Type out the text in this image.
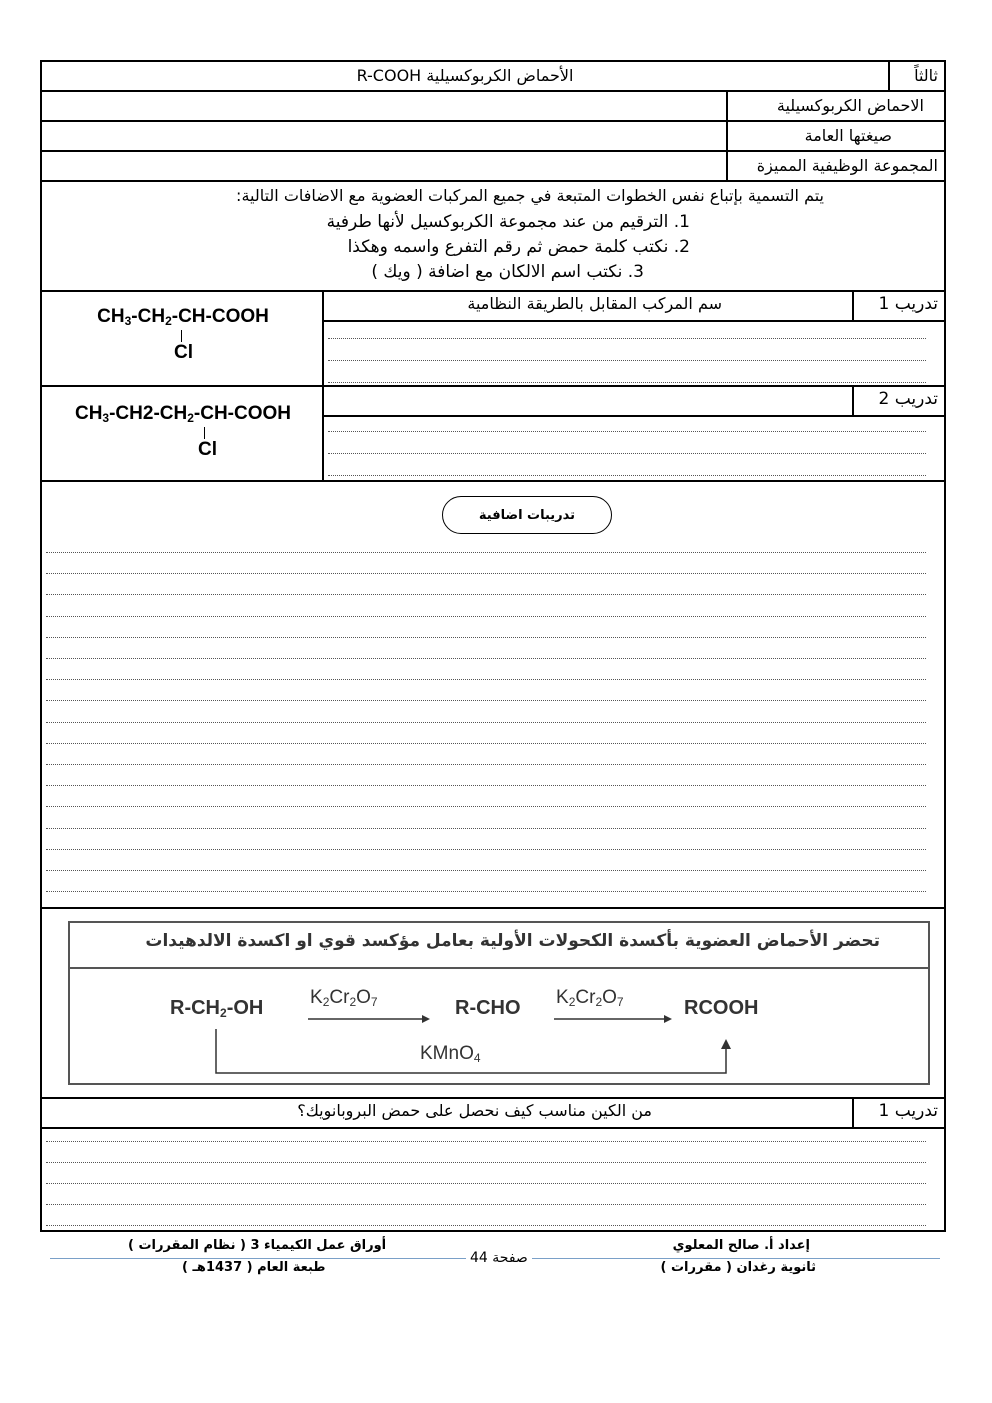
ثالثاً
الأحماض الكربوكسيلية R-COOH
الاحماض الكربوكسيلية
صيغتها العامة
المجموعة الوظيفية المميزة
يتم التسمية بإتباع نفس الخطوات المتبعة في جميع المركبات العضوية مع الاضافات التالية:
1. الترقيم من عند مجموعة الكربوكسيل لأنها طرفية
2. نكتب كلمة حمض ثم رقم التفرع واسمه وهكذا
3. نكتب اسم الالكان مع اضافة ( ويك )
تدريب 1
سم المركب المقابل بالطريقة النظامية
$CH_3-CH_2-CH$-COOH
Cl
تدريب 2
$CH_3-CH2-CH_2-CH$-COOH
Cl
تدريبات اضافية
تحضر الأحماض العضوية بأكسدة الكحولات الأولية بعامل مؤكسد قوي او اكسدة الالدهيدات
$R-CH_2-OH$ $K_2Cr_2O_7$	R-CHO $K_2Cr_2O_7$	RCOOH
KMnO$_4$
تدريب 1
من الكين مناسب كيف نحصل على حمض البروبانويك؟
إعداد أ. صالح المعلوي
ثانوية رغدان ( مقررات )
صفحة 44
أوراق عمل الكيمياء 3 ( نظام المقررات )
طبعة العام ( 1437هـ )
